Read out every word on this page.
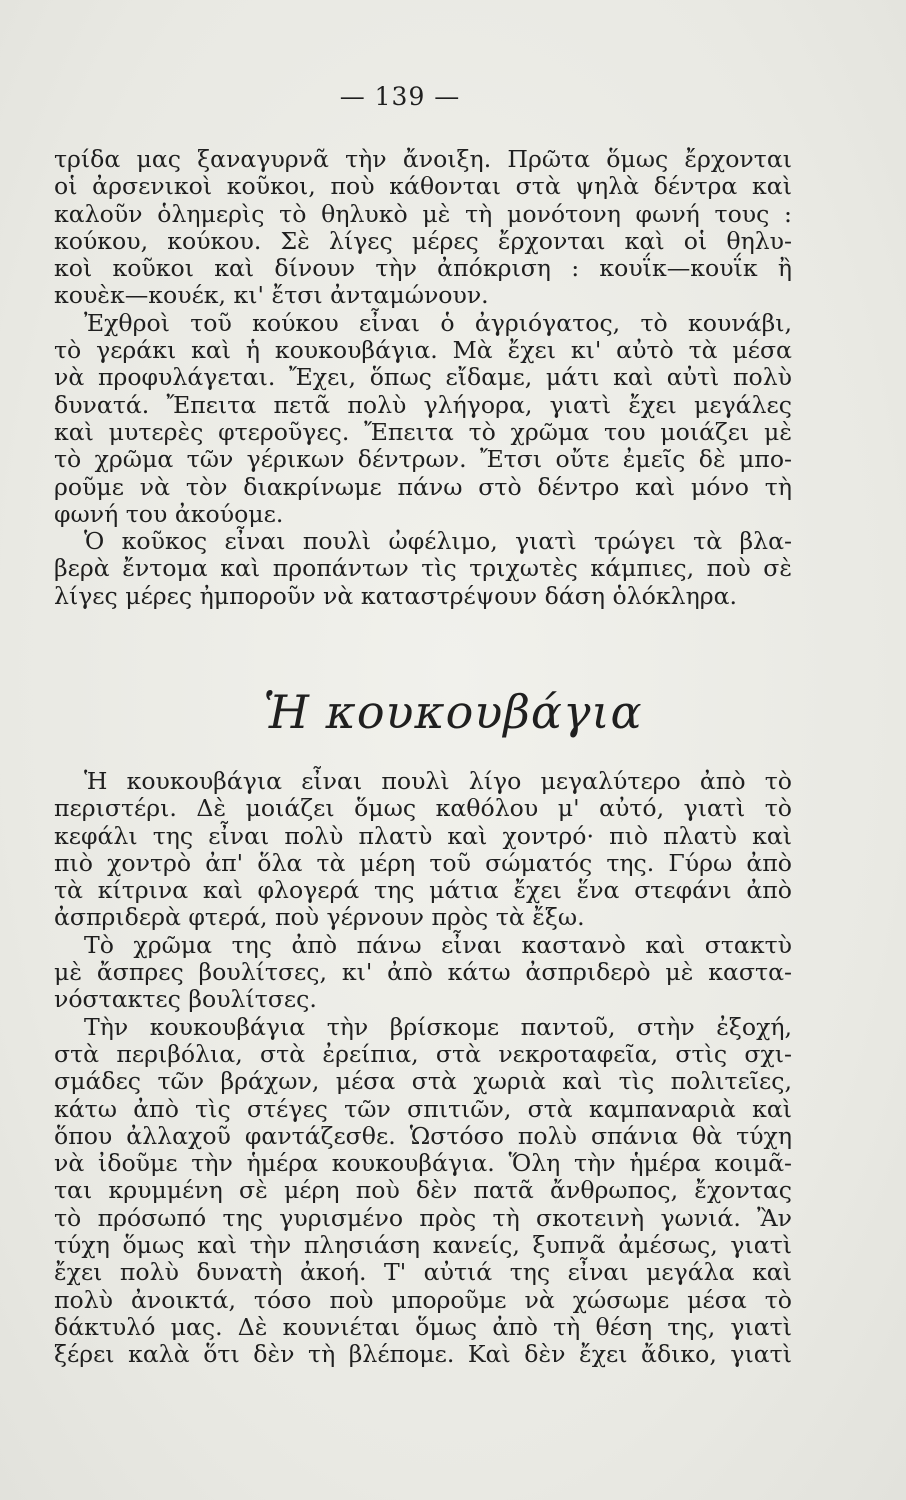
— 139 —
τρίδα μας ξαναγυρνᾶ τὴν ἄνοιξη. Πρῶτα ὅμως ἔρχονται
οἱ ἀρσενικοὶ κοῦκοι, ποὺ κάθονται στὰ ψηλὰ δέντρα καὶ
καλοῦν ὁλημερὶς τὸ θηλυκὸ μὲ τὴ μονότονη φωνή τους :
κούκου, κούκου. Σὲ λίγες μέρες ἔρχονται καὶ οἱ θηλυ-
κοὶ κοῦκοι καὶ δίνουν τὴν ἀπόκριση : κουΐκ—κουΐκ ἢ
κουὲκ—κουέκ, κι' ἔτσι ἀνταμώνουν.
Ἐχθροὶ τοῦ κούκου εἶναι ὁ ἀγριόγατος, τὸ κουνάβι,
τὸ γεράκι καὶ ἡ κουκουβάγια. Μὰ ἔχει κι' αὐτὸ τὰ μέσα
νὰ προφυλάγεται. Ἔχει, ὅπως εἴδαμε, μάτι καὶ αὐτὶ πολὺ
δυνατά. Ἔπειτα πετᾶ πολὺ γλήγορα, γιατὶ ἔχει μεγάλες
καὶ μυτερὲς φτεροῦγες. Ἔπειτα τὸ χρῶμα του μοιάζει μὲ
τὸ χρῶμα τῶν γέρικων δέντρων. Ἔτσι οὔτε ἐμεῖς δὲ μπο-
ροῦμε νὰ τὸν διακρίνωμε πάνω στὸ δέντρο καὶ μόνο τὴ
φωνή του ἀκούομε.
Ὁ κοῦκος εἶναι πουλὶ ὠφέλιμο, γιατὶ τρώγει τὰ βλα-
βερὰ ἔντομα καὶ προπάντων τὶς τριχωτὲς κάμπιες, ποὺ σὲ
λίγες μέρες ἠμποροῦν νὰ καταστρέψουν δάση ὁλόκληρα.
Ἡ κουκουβάγια
Ἡ κουκουβάγια εἶναι πουλὶ λίγο μεγαλύτερο ἀπὸ τὸ
περιστέρι. Δὲ μοιάζει ὅμως καθόλου μ' αὐτό, γιατὶ τὸ
κεφάλι της εἶναι πολὺ πλατὺ καὶ χοντρό· πιὸ πλατὺ καὶ
πιὸ χοντρὸ ἀπ' ὅλα τὰ μέρη τοῦ σώματός της. Γύρω ἀπὸ
τὰ κίτρινα καὶ φλογερά της μάτια ἔχει ἕνα στεφάνι ἀπὸ
ἀσπριδερὰ φτερά, ποὺ γέρνουν πρὸς τὰ ἔξω.
Τὸ χρῶμα της ἀπὸ πάνω εἶναι καστανὸ καὶ στακτὺ
μὲ ἄσπρες βουλίτσες, κι' ἀπὸ κάτω ἀσπριδερὸ μὲ καστα-
νόστακτες βουλίτσες.
Τὴν κουκουβάγια τὴν βρίσκομε παντοῦ, στὴν ἐξοχή,
στὰ περιβόλια, στὰ ἐρείπια, στὰ νεκροταφεῖα, στὶς σχι-
σμάδες τῶν βράχων, μέσα στὰ χωριὰ καὶ τὶς πολιτεῖες,
κάτω ἀπὸ τὶς στέγες τῶν σπιτιῶν, στὰ καμπαναριὰ καὶ
ὅπου ἀλλαχοῦ φαντάζεσθε. Ὡστόσο πολὺ σπάνια θὰ τύχη
νὰ ἰδοῦμε τὴν ἡμέρα κουκουβάγια. Ὅλη τὴν ἡμέρα κοιμᾶ-
ται κρυμμένη σὲ μέρη ποὺ δὲν πατᾶ ἄνθρωπος, ἔχοντας
τὸ πρόσωπό της γυρισμένο πρὸς τὴ σκοτεινὴ γωνιά. Ἂν
τύχη ὅμως καὶ τὴν πλησιάση κανείς, ξυπνᾶ ἀμέσως, γιατὶ
ἔχει πολὺ δυνατὴ ἀκοή. Τ' αὐτιά της εἶναι μεγάλα καὶ
πολὺ ἀνοικτά, τόσο ποὺ μποροῦμε νὰ χώσωμε μέσα τὸ
δάκτυλό μας. Δὲ κουνιέται ὅμως ἀπὸ τὴ θέση της, γιατὶ
ξέρει καλὰ ὅτι δὲν τὴ βλέπομε. Καὶ δὲν ἔχει ἄδικο, γιατὶ
